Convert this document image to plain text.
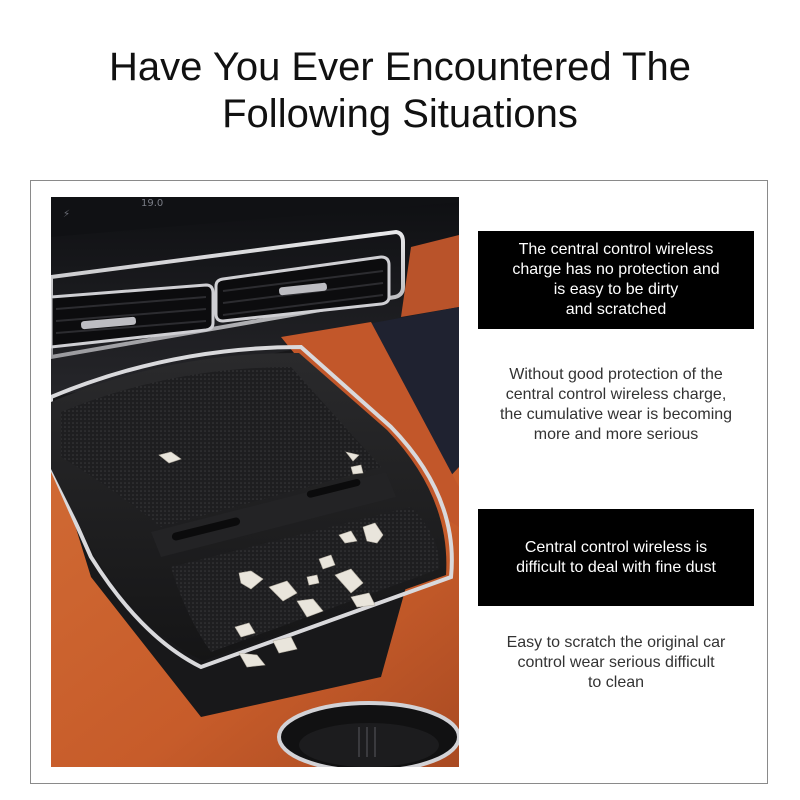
Have You Ever Encountered The
Following Situations
⚡
19.0
The central control wireless
charge has no protection and
is easy to be dirty
and scratched
Without good protection of the
central control wireless charge,
the cumulative wear is becoming
more and more serious
Central control wireless is
difficult to deal with fine dust
Easy to scratch the original car
control wear serious difficult
to clean
